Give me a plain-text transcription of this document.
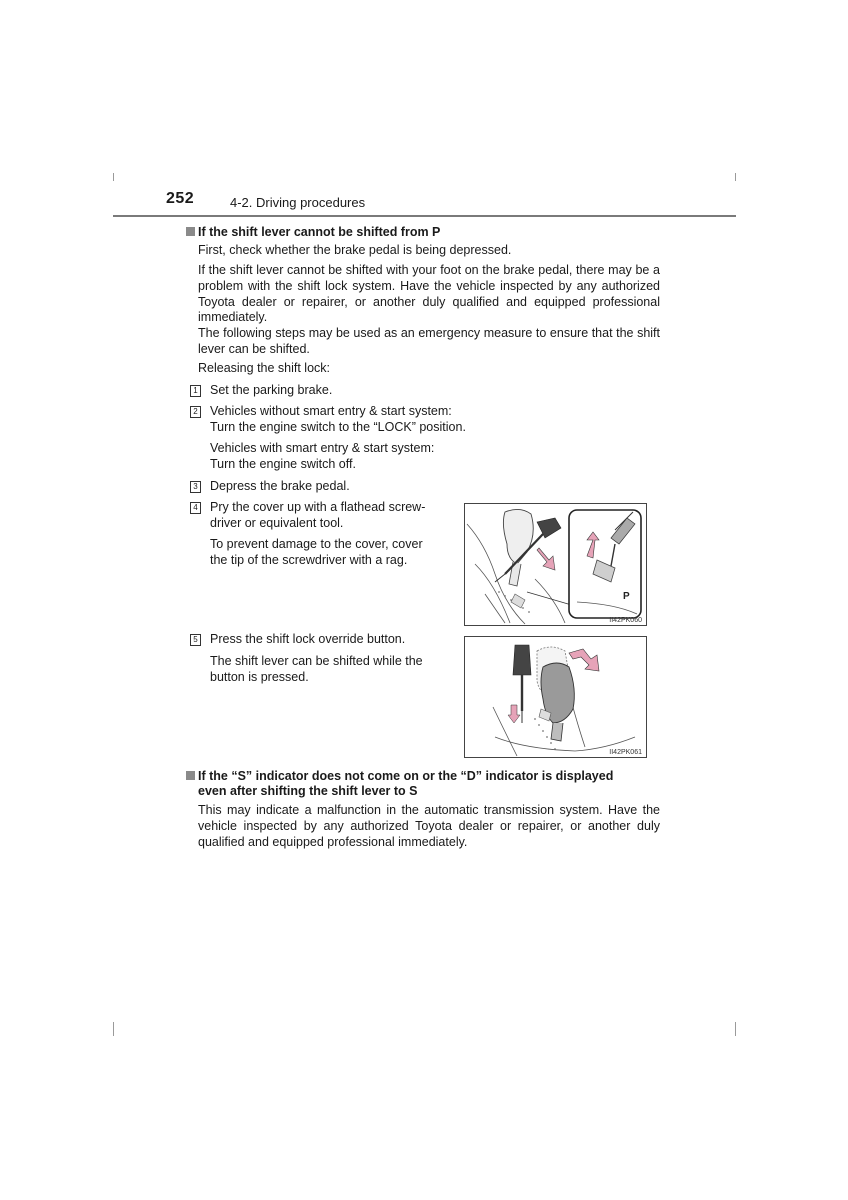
252	4-2. Driving procedures
If the shift lever cannot be shifted from P
First, check whether the brake pedal is being depressed.
If the shift lever cannot be shifted with your foot on the brake pedal, there may be a problem with the shift lock system. Have the vehicle inspected by any authorized Toyota dealer or repairer, or another duly qualified and equipped professional immediately.
The following steps may be used as an emergency measure to ensure that the shift lever can be shifted.
Releasing the shift lock:
1 Set the parking brake.
2 Vehicles without smart entry & start system:
Turn the engine switch to the “LOCK” position.
Vehicles with smart entry & start system:
Turn the engine switch off.
3 Depress the brake pedal.
4 Pry the cover up with a flathead screw-
driver or equivalent tool.
To prevent damage to the cover, cover
the tip of the screwdriver with a rag.
P
II42PK060
5 Press the shift lock override button.
The shift lever can be shifted while the
button is pressed.
II42PK061
If the “S” indicator does not come on or the “D” indicator is displayed
even after shifting the shift lever to S
This may indicate a malfunction in the automatic transmission system. Have the vehicle inspected by any authorized Toyota dealer or repairer, or another duly qualified and equipped professional immediately.
